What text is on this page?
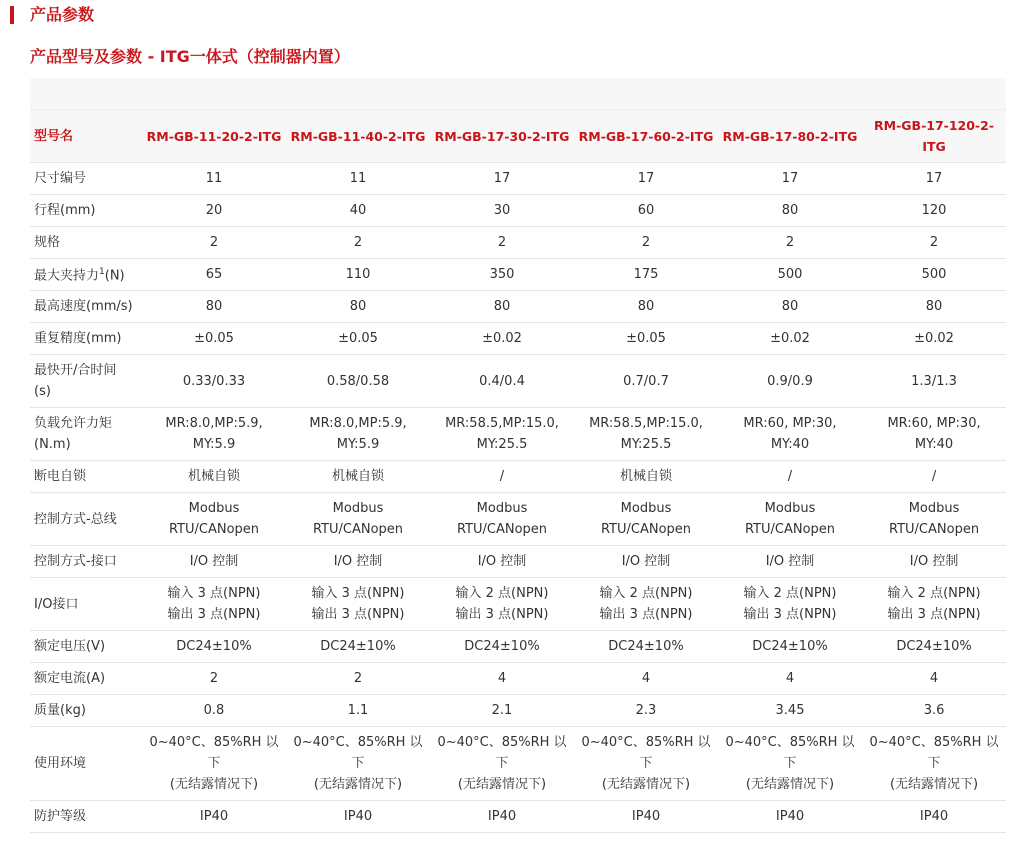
产品参数
产品型号及参数 - ITG一体式（控制器内置）

型号名	RM-GB-11-20-2-ITG	RM-GB-11-40-2-ITG	RM-GB-17-30-2-ITG	RM-GB-17-60-2-ITG	RM-GB-17-80-2-ITG	RM-GB-17-120-2-
ITG

尺寸编号	11	11	17	17	17	17

行程(mm)	20	40	30	60	80	120

规格	2	2	2	2	2	2

最大夹持力$^1$(N)	65	110	350	175	500	500

最高速度(mm/s)	80	80	80	80	80	80

重复精度(mm)	±0.05	±0.05	±0.02	±0.05	±0.02	±0.02

最快开/合时间
(s)	0.33/0.33	0.58/0.58	0.4/0.4	0.7/0.7	0.9/0.9	1.3/1.3

负载允许力矩
(N.m)	MR:8.0,MP:5.9,
MY:5.9	MR:8.0,MP:5.9,
MY:5.9	MR:58.5,MP:15.0,
MY:25.5	MR:58.5,MP:15.0,
MY:25.5	MR:60, MP:30,
MY:40	MR:60, MP:30,
MY:40

断电自锁	机械自锁	机械自锁	/	机械自锁	/	/

控制方式-总线	Modbus
RTU/CANopen	Modbus
RTU/CANopen	Modbus
RTU/CANopen	Modbus
RTU/CANopen	Modbus
RTU/CANopen	Modbus
RTU/CANopen

控制方式-接口	I/O 控制	I/O 控制	I/O 控制	I/O 控制	I/O 控制	I/O 控制

I/O接口	输入 3 点(NPN)
输出 3 点(NPN)	输入 3 点(NPN)
输出 3 点(NPN)	输入 2 点(NPN)
输出 3 点(NPN)	输入 2 点(NPN)
输出 3 点(NPN)	输入 2 点(NPN)
输出 3 点(NPN)	输入 2 点(NPN)
输出 3 点(NPN)

额定电压(V)	DC24±10%	DC24±10%	DC24±10%	DC24±10%	DC24±10%	DC24±10%

额定电流(A)	2	2	4	4	4	4

质量(kg)	0.8	1.1	2.1	2.3	3.45	3.6

使用环境	0~40°C、85%RH 以
下
(无结露情况下)	0~40°C、85%RH 以
下
(无结露情况下)	0~40°C、85%RH 以
下
(无结露情况下)	0~40°C、85%RH 以
下
(无结露情况下)	0~40°C、85%RH 以
下
(无结露情况下)	0~40°C、85%RH 以
下
(无结露情况下)

防护等级	IP40	IP40	IP40	IP40	IP40	IP40
